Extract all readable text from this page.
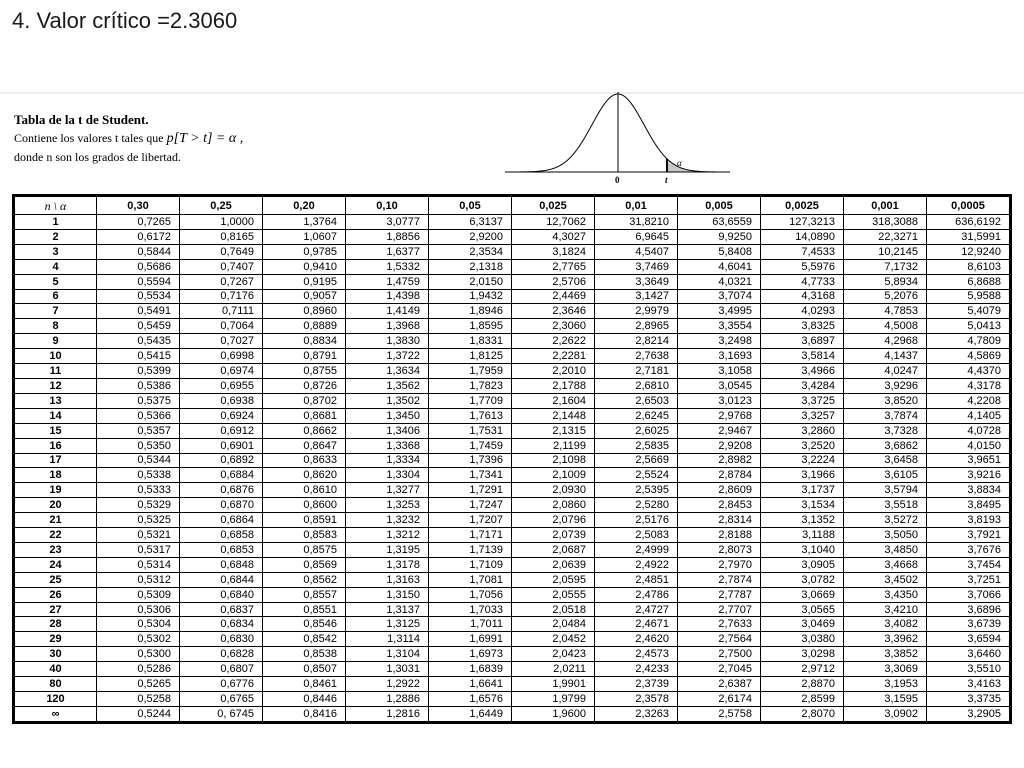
4. Valor crítico =2.3060
Tabla de la t de Student.
Contiene los valores t tales que p[T > t] = α ,
donde n son los grados de libertad.
0	t
α
n \ α	0,30	0,25	0,20	0,10	0,05	0,025	0,01	0,005	0,0025	0,001	0,0005
1	0,7265	1,0000	1,3764	3,0777	6,3137	12,7062	31,8210	63,6559	127,3213	318,3088	636,6192
2	0,6172	0,8165	1,0607	1,8856	2,9200	4,3027	6,9645	9,9250	14,0890	22,3271	31,5991
3	0,5844	0,7649	0,9785	1,6377	2,3534	3,1824	4,5407	5,8408	7,4533	10,2145	12,9240
4	0,5686	0,7407	0,9410	1,5332	2,1318	2,7765	3,7469	4,6041	5,5976	7,1732	8,6103
5	0,5594	0,7267	0,9195	1,4759	2,0150	2,5706	3,3649	4,0321	4,7733	5,8934	6,8688
6	0,5534	0,7176	0,9057	1,4398	1,9432	2,4469	3,1427	3,7074	4,3168	5,2076	5,9588
7	0,5491	0,7111	0,8960	1,4149	1,8946	2,3646	2,9979	3,4995	4,0293	4,7853	5,4079
8	0,5459	0,7064	0,8889	1,3968	1,8595	2,3060	2,8965	3,3554	3,8325	4,5008	5,0413
9	0,5435	0,7027	0,8834	1,3830	1,8331	2,2622	2,8214	3,2498	3,6897	4,2968	4,7809
10	0,5415	0,6998	0,8791	1,3722	1,8125	2,2281	2,7638	3,1693	3,5814	4,1437	4,5869
11	0,5399	0,6974	0,8755	1,3634	1,7959	2,2010	2,7181	3,1058	3,4966	4,0247	4,4370
12	0,5386	0,6955	0,8726	1,3562	1,7823	2,1788	2,6810	3,0545	3,4284	3,9296	4,3178
13	0,5375	0,6938	0,8702	1,3502	1,7709	2,1604	2,6503	3,0123	3,3725	3,8520	4,2208
14	0,5366	0,6924	0,8681	1,3450	1,7613	2,1448	2,6245	2,9768	3,3257	3,7874	4,1405
15	0,5357	0,6912	0,8662	1,3406	1,7531	2,1315	2,6025	2,9467	3,2860	3,7328	4,0728
16	0,5350	0,6901	0,8647	1,3368	1,7459	2,1199	2,5835	2,9208	3,2520	3,6862	4,0150
17	0,5344	0,6892	0,8633	1,3334	1,7396	2,1098	2,5669	2,8982	3,2224	3,6458	3,9651
18	0,5338	0,6884	0,8620	1,3304	1,7341	2,1009	2,5524	2,8784	3,1966	3,6105	3,9216
19	0,5333	0,6876	0,8610	1,3277	1,7291	2,0930	2,5395	2,8609	3,1737	3,5794	3,8834
20	0,5329	0,6870	0,8600	1,3253	1,7247	2,0860	2,5280	2,8453	3,1534	3,5518	3,8495
21	0,5325	0,6864	0,8591	1,3232	1,7207	2,0796	2,5176	2,8314	3,1352	3,5272	3,8193
22	0,5321	0,6858	0,8583	1,3212	1,7171	2,0739	2,5083	2,8188	3,1188	3,5050	3,7921
23	0,5317	0,6853	0,8575	1,3195	1,7139	2,0687	2,4999	2,8073	3,1040	3,4850	3,7676
24	0,5314	0,6848	0,8569	1,3178	1,7109	2,0639	2,4922	2,7970	3,0905	3,4668	3,7454
25	0,5312	0,6844	0,8562	1,3163	1,7081	2,0595	2,4851	2,7874	3,0782	3,4502	3,7251
26	0,5309	0,6840	0,8557	1,3150	1,7056	2,0555	2,4786	2,7787	3,0669	3,4350	3,7066
27	0,5306	0,6837	0,8551	1,3137	1,7033	2,0518	2,4727	2,7707	3,0565	3,4210	3,6896
28	0,5304	0,6834	0,8546	1,3125	1,7011	2,0484	2,4671	2,7633	3,0469	3,4082	3,6739
29	0,5302	0,6830	0,8542	1,3114	1,6991	2,0452	2,4620	2,7564	3,0380	3,3962	3,6594
30	0,5300	0,6828	0,8538	1,3104	1,6973	2,0423	2,4573	2,7500	3,0298	3,3852	3,6460
40	0,5286	0,6807	0,8507	1,3031	1,6839	2,0211	2,4233	2,7045	2,9712	3,3069	3,5510
80	0,5265	0,6776	0,8461	1,2922	1,6641	1,9901	2,3739	2,6387	2,8870	3,1953	3,4163
120	0,5258	0,6765	0,8446	1,2886	1,6576	1,9799	2,3578	2,6174	2,8599	3,1595	3,3735
∞	0,5244	0, 6745	0,8416	1,2816	1,6449	1,9600	2,3263	2,5758	2,8070	3,0902	3,2905
